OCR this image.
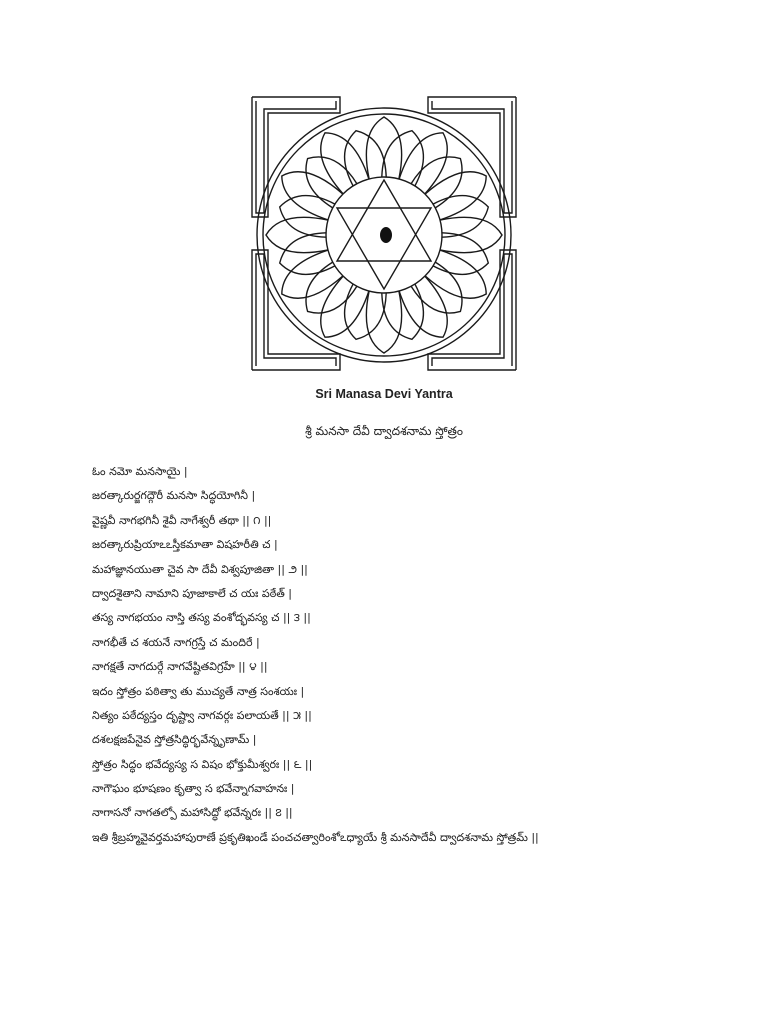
Sri Manasa Devi Yantra

శ్రీ మనసా దేవీ ద్వాదశనామ స్తోత్రం

ఓం నమో మనసాయై |
జరత్కారుర్జగద్గౌరీ మనసా సిద్ధయోగినీ |
వైష్ణవీ నాగభగినీ శైవీ నాగేశ్వరీ తథా || ౧ ||
జరత్కారుప్రియాఽఽస్తీకమాతా విషహరీతి చ |
మహాజ్ఞానయుతా చైవ సా దేవీ విశ్వపూజితా || ౨ ||
ద్వాదశైతాని నామాని పూజాకాలే చ యః పఠేత్ |
తస్య నాగభయం నాస్తి తస్య వంశోద్భవస్య చ || ౩ ||
నాగభీతే చ శయనే నాగగ్రస్తే చ మందిరే |
నాగక్షతే నాగదుర్గే నాగవేష్టితవిగ్రహే || ౪ ||
ఇదం స్తోత్రం పఠిత్వా తు ముచ్యతే నాత్ర సంశయః |
నిత్యం పఠేద్యస్తం దృష్ట్వా నాగవర్గః పలాయతే || ౫ ||
దశలక్షజపేనైవ స్తోత్రసిద్ధిర్భవేన్నృణామ్ |
స్తోత్రం సిద్ధం భవేద్యస్య స విషం భోక్తుమీశ్వరః || ౬ ||
నాగౌఘం భూషణం కృత్వా స భవేన్నాగవాహనః |
నాగాసనో నాగతల్పో మహాసిద్ధో భవేన్నరః || ౭ ||
ఇతి శ్రీబ్రహ్మవైవర్తమహాపురాణే ప్రకృతిఖండే పంచచత్వారింశోఽధ్యాయే శ్రీ మనసాదేవీ ద్వాదశనామ స్తోత్రమ్ ||
